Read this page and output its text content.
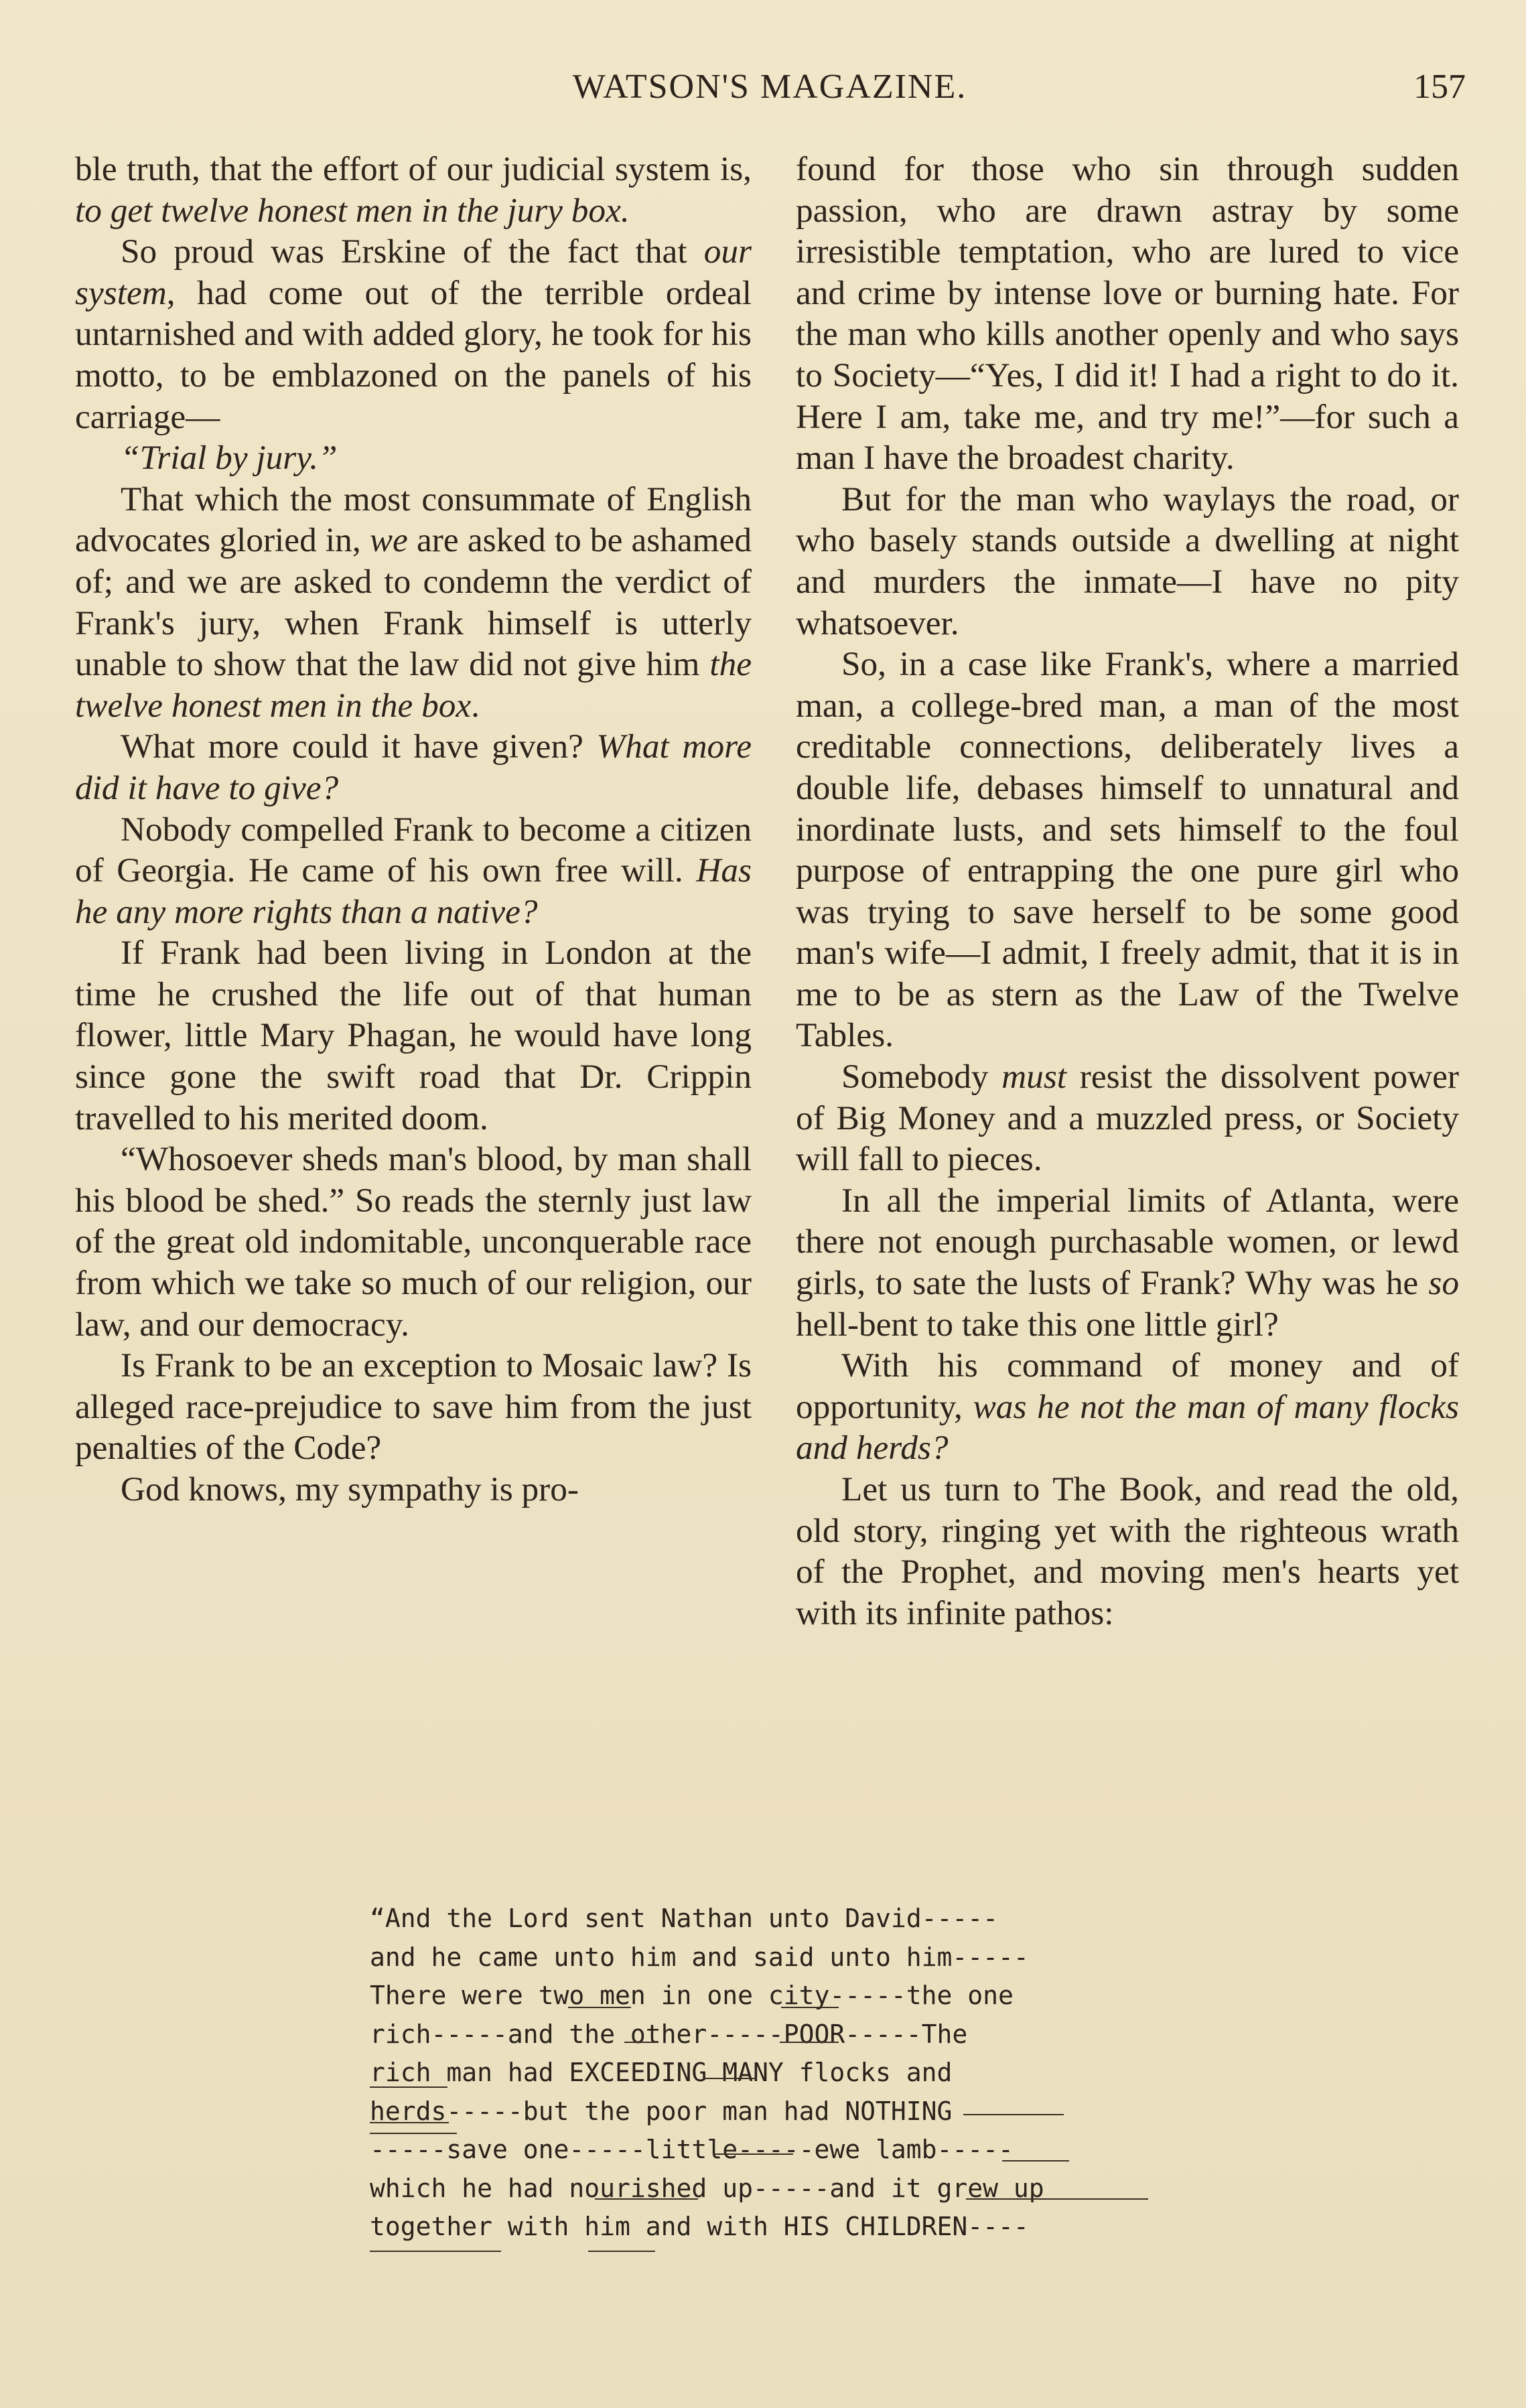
WATSON'S MAGAZINE.	157

ble truth, that the effort of our judicial system is, to get twelve honest men in the jury box.

So proud was Erskine of the fact that our system, had come out of the terrible ordeal untarnished and with added glory, he took for his motto, to be emblazoned on the panels of his carriage—

“Trial by jury.”

That which the most consummate of English advocates gloried in, we are asked to be ashamed of; and we are asked to condemn the verdict of Frank's jury, when Frank himself is utterly unable to show that the law did not give him the twelve honest men in the box.

What more could it have given? What more did it have to give?

Nobody compelled Frank to become a citizen of Georgia. He came of his own free will. Has he any more rights than a native?

If Frank had been living in London at the time he crushed the life out of that human flower, little Mary Phagan, he would have long since gone the swift road that Dr. Crippin travelled to his merited doom.

“Whosoever sheds man's blood, by man shall his blood be shed.” So reads the sternly just law of the great old indomitable, unconquerable race from which we take so much of our religion, our law, and our democracy.

Is Frank to be an exception to Mosaic law? Is alleged race-prejudice to save him from the just penalties of the Code?

God knows, my sympathy is pro-

found for those who sin through sudden passion, who are drawn astray by some irresistible temptation, who are lured to vice and crime by intense love or burning hate. For the man who kills another openly and who says to Society—“Yes, I did it! I had a right to do it. Here I am, take me, and try me!”—for such a man I have the broadest charity.

But for the man who waylays the road, or who basely stands outside a dwelling at night and murders the inmate—I have no pity whatsoever.

So, in a case like Frank's, where a married man, a college-bred man, a man of the most creditable connections, deliberately lives a double life, debases himself to unnatural and inordinate lusts, and sets himself to the foul purpose of entrapping the one pure girl who was trying to save herself to be some good man's wife—I admit, I freely admit, that it is in me to be as stern as the Law of the Twelve Tables.

Somebody must resist the dissolvent power of Big Money and a muzzled press, or Society will fall to pieces.

In all the imperial limits of Atlanta, were there not enough purchasable women, or lewd girls, to sate the lusts of Frank? Why was he so hell-bent to take this one little girl?

With his command of money and of opportunity, was he not the man of many flocks and herds?

Let us turn to The Book, and read the old, old story, ringing yet with the righteous wrath of the Prophet, and moving men's hearts yet with its infinite pathos:

“And the Lord sent Nathan unto David-----
and he came unto him and said unto him-----
There were two men in one city-----the one
rich-----and the other-----POOR-----The
rich man had EXCEEDING MANY flocks and
herds-----but the poor man had NOTHING
-----save one-----little-----ewe lamb-----
which he had nourished up-----and it grew up
together with him and with HIS CHILDREN----
